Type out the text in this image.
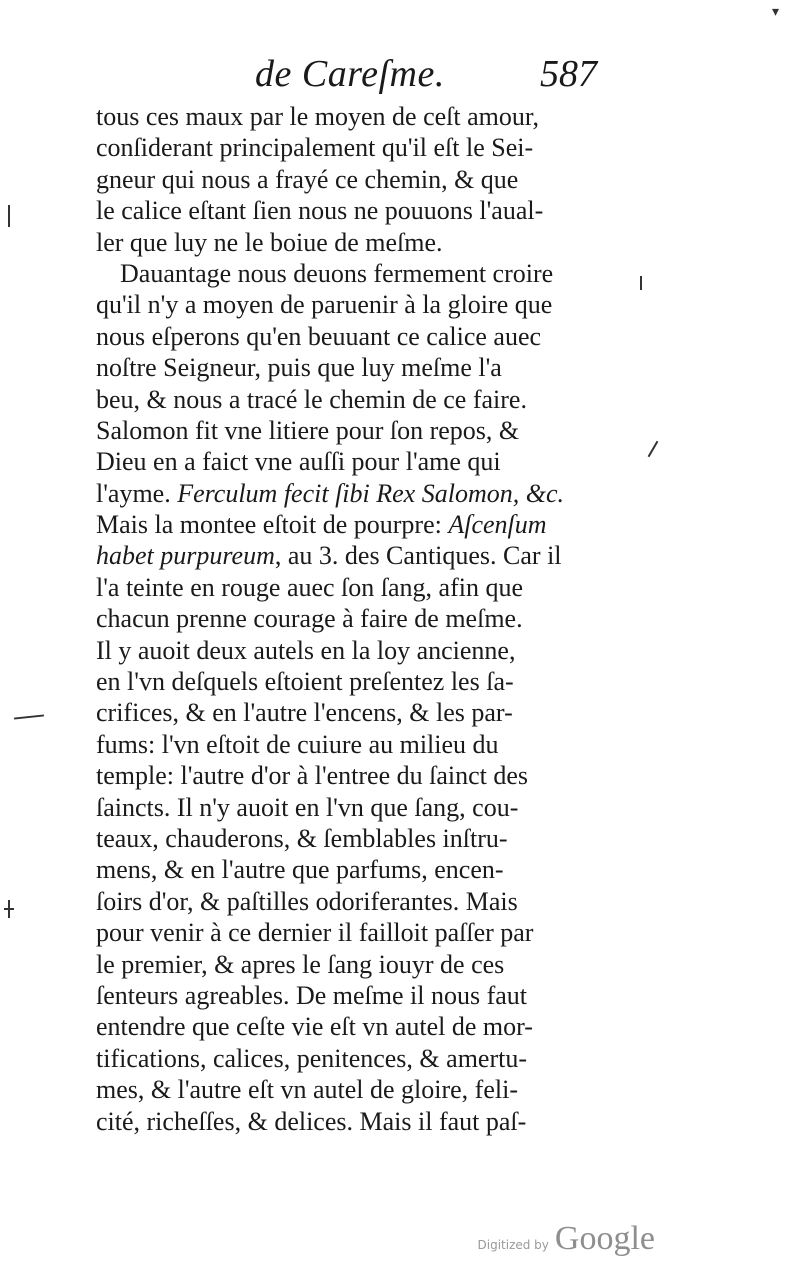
▾
de Careſme.	587
tous ces maux par le moyen de ceſt amour,
conſiderant principalement qu'il eſt le Sei-
gneur qui nous a frayé ce chemin, & que
le calice eſtant ſien nous ne pouuons l'aual-
ler que luy ne le boiue de meſme.
Dauantage nous deuons fermement croire
qu'il n'y a moyen de paruenir à la gloire que
nous eſperons qu'en beuuant ce calice auec
noſtre Seigneur, puis que luy meſme l'a
beu, & nous a tracé le chemin de ce faire.
Salomon fit vne litiere pour ſon repos, &
Dieu en a faict vne auſſi pour l'ame qui
l'ayme. Ferculum fecit ſibi Rex Salomon, &c.
Mais la montee eſtoit de pourpre: Aſcenſum
habet purpureum, au 3. des Cantiques. Car il
l'a teinte en rouge auec ſon ſang, afin que
chacun prenne courage à faire de meſme.
Il y auoit deux autels en la loy ancienne,
en l'vn deſquels eſtoient preſentez les ſa-
crifices, & en l'autre l'encens, & les par-
fums: l'vn eſtoit de cuiure au milieu du
temple: l'autre d'or à l'entree du ſainct des
ſaincts. Il n'y auoit en l'vn que ſang, cou-
teaux, chauderons, & ſemblables inſtru-
mens, & en l'autre que parfums, encen-
ſoirs d'or, & paſtilles odoriferantes. Mais
pour venir à ce dernier il failloit paſſer par
le premier, & apres le ſang iouyr de ces
ſenteurs agreables. De meſme il nous faut
entendre que ceſte vie eſt vn autel de mor-
tifications, calices, penitences, & amertu-
mes, & l'autre eſt vn autel de gloire, feli-
cité, richeſſes, & delices. Mais il faut paſ-
Digitized by Google
